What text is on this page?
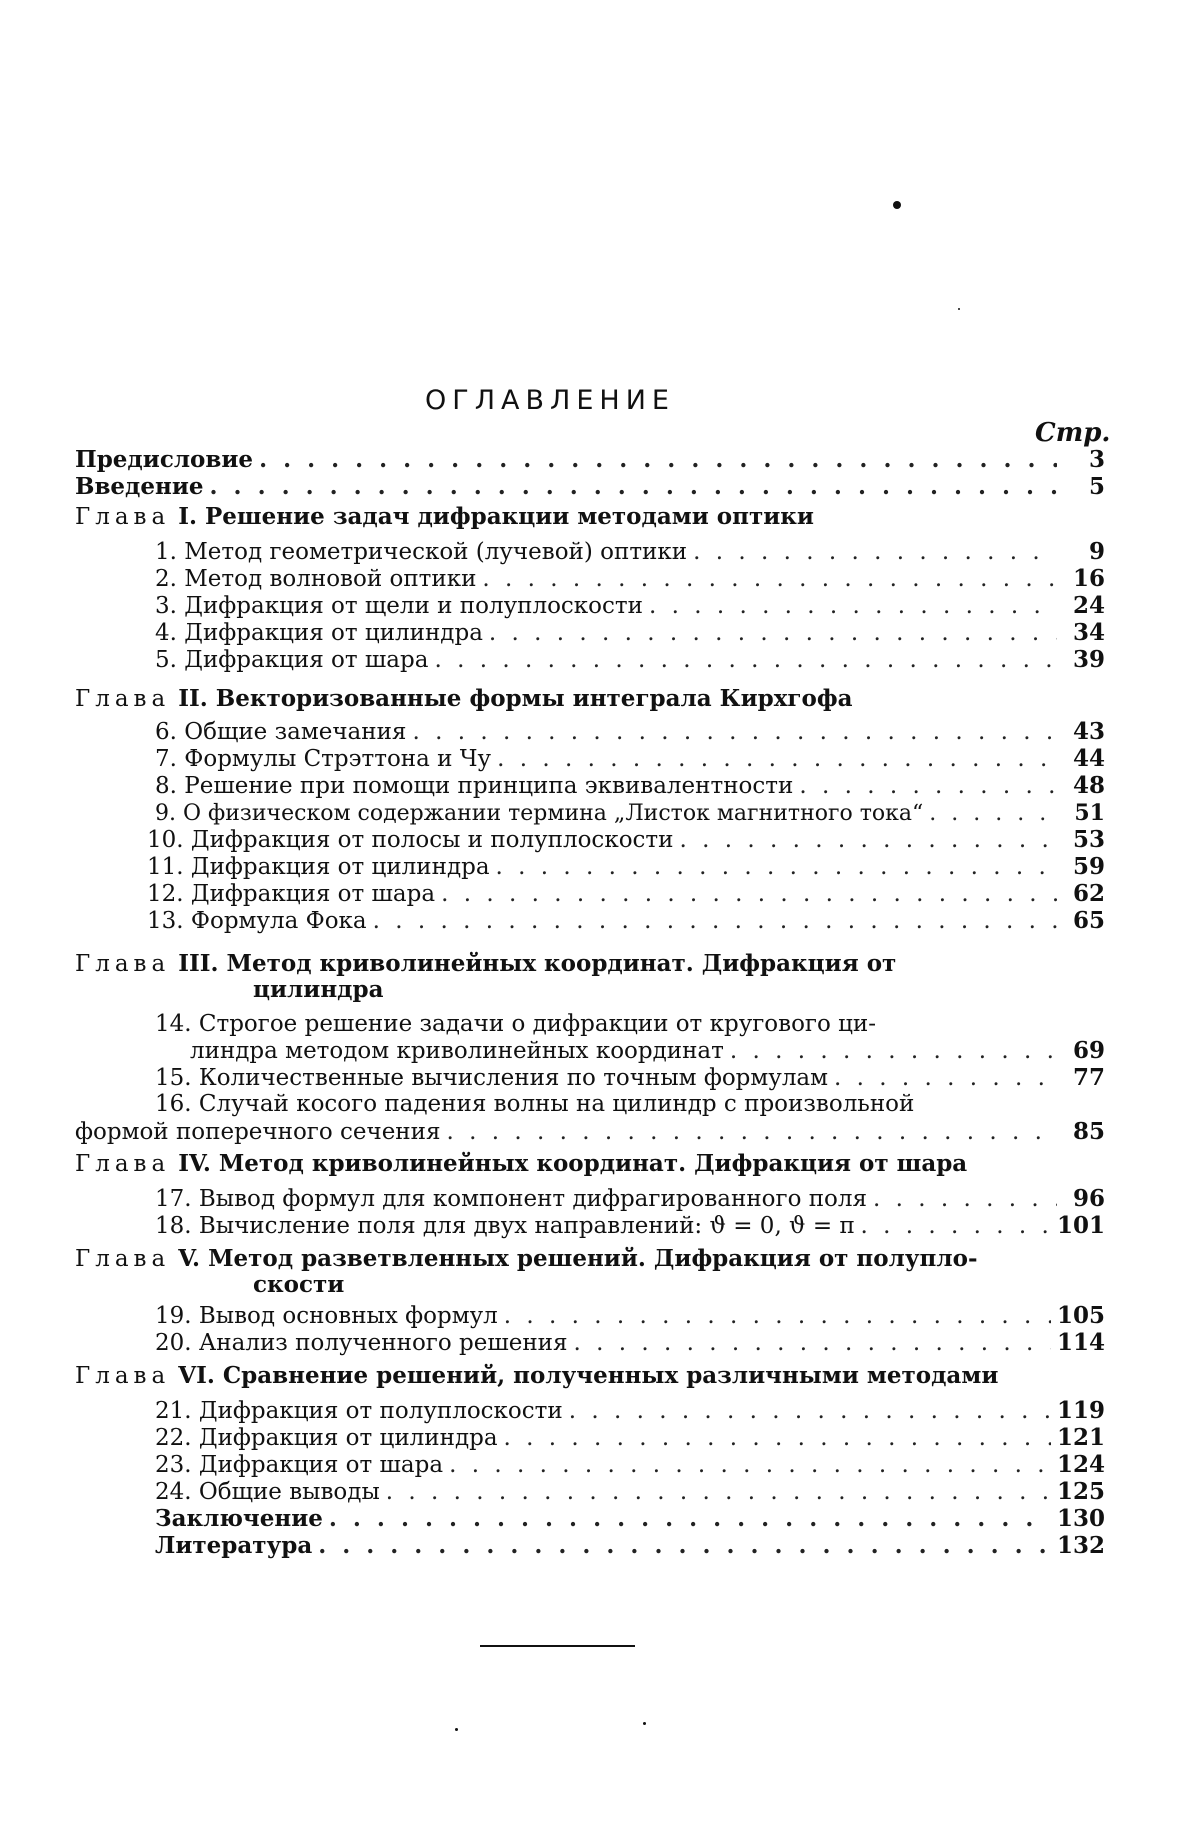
ОГЛАВЛЕНИЕ
Стр.
Предисловие . . .	3
Введение . . .	5
Глава I. Решение задач дифракции методами оптики
1. Метод геометрической (лучевой) оптики . . .	9
2. Метод волновой оптики . . .	16
3. Дифракция от щели и полуплоскости . . .	24
4. Дифракция от цилиндра . . .	34
5. Дифракция от шара . . .	39
Глава II. Векторизованные формы интеграла Кирхгофа
6. Общие замечания . . .	43
7. Формулы Стрэттона и Чу . . .	44
8. Решение при помощи принципа эквивалентности . . .	48
9. О физическом содержании термина „Листок магнитного тока“ . . .	51
10. Дифракция от полосы и полуплоскости . . .	53
11. Дифракция от цилиндра . . .	59
12. Дифракция от шара . . .	62
13. Формула Фока . . .	65
Глава III. Метод криволинейных координат. Дифракция от
цилиндра
14. Строгое решение задачи о дифракции от кругового ци-
линдра методом криволинейных координат . . .	69
15. Количественные вычисления по точным формулам . . .	77
16. Случай косого падения волны на цилиндр с произвольной
формой поперечного сечения . . .	85
Глава IV. Метод криволинейных координат. Дифракция от шара
17. Вывод формул для компонент дифрагированного поля . . .	96
18. Вычисление поля для двух направлений: ϑ = 0, ϑ = π . . .	101
Глава V. Метод разветвленных решений. Дифракция от полупло-
скости
19. Вывод основных формул . . .	105
20. Анализ полученного решения . . .	114
Глава VI. Сравнение решений, полученных различными методами
21. Дифракция от полуплоскости . . .	119
22. Дифракция от цилиндра . . .	121
23. Дифракция от шара . . .	124
24. Общие выводы . . .	125
Заключение . . .	130
Литература . . .	132
